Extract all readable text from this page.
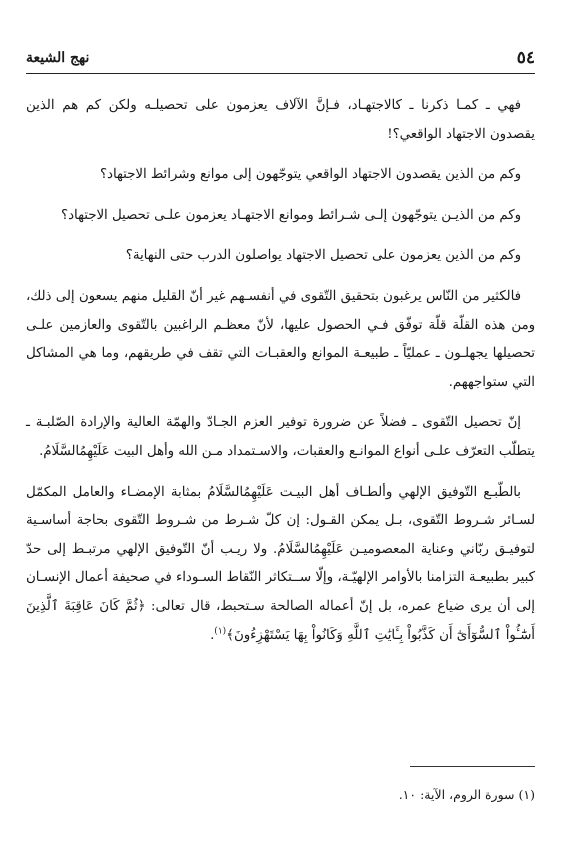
٥٤
نهج الشيعة

فهي ـ كمـا ذكرنا ـ كالاجتهـاد، فـإنَّ الآلاف يعزمون على تحصيلـه ولكن كم هم الذين يقصدون الاجتهاد الواقعي؟!

وكم من الذين يقصدون الاجتهاد الواقعي يتوجّهون إلى موانع وشرائط الاجتهاد؟

وكم من الذيـن يتوجّهون إلـى شـرائط وموانع الاجتهـاد يعزمون علـى تحصيل الاجتهاد؟

وكم من الذين يعزمون على تحصيل الاجتهاد يواصلون الدرب حتى النهاية؟

فالكثير من النّاس يرغبون بتحقيق التّقوى في أنفسـهم غير أنّ القليل منهم يسعون إلى ذلك، ومن هذه القلّة قلّة توفّق فـي الحصول عليها، لأنّ معظـم الراغبين بالتّقوى والعازمين علـى تحصيلها يجهلـون ـ عمليّاً ـ طبيعـة الموانع والعقبـات التي تقف في طريقهم، وما هي المشاكل التي ستواجههم.

إنّ تحصيل التّقوى ـ فضلاً عن ضرورة توفير العزم الجـادّ والهمّة العالية والإرادة الصّلبـة ـ يتطلّب التعرّف علـى أنواع الموانـع والعقبات، والاسـتمداد مـن الله وأهل البيت عَلَيْهِمُالسَّلَامُ.

بالطّبـع التّوفيق الإلهي وألطـاف أهل البيـت عَلَيْهِمُالسَّلَامُ بمثابة الإمضـاء والعامل المكمّل لسـائر شـروط التّقوى، بـل يمكن القـول: إن كلّ شـرط من شـروط التّقوى بحاجة أساسـية لتوفيـق ربّاني وعناية المعصوميـن عَلَيْهِمُالسَّلَامُ. ولا ريـب أنّ التّوفيق الإلهي مرتبـط إلى حدّ كبير بطبيعـة التزامنا بالأوامر الإلهيّـة، وإلّا ســتكاثر النّقاط السـوداء في صحيفة أعمال الإنسـان إلى أن يرى ضياع عمره، بل إنّ أعماله الصالحة سـتحبط، قال تعالى: ﴿ثُمَّ كَانَ عَاقِبَةَ ٱلَّذِينَ أَسَٰٓـُٔواْ ٱلسُّوٓأَىٰٓ أَن كَذَّبُواْ بِـَٔايَٰتِ ٱللَّهِ وَكَانُواْ بِهَا يَسْتَهْزِءُونَ﴾$^{(١)}$.

(١) سورة الروم، الآية: ١٠.
